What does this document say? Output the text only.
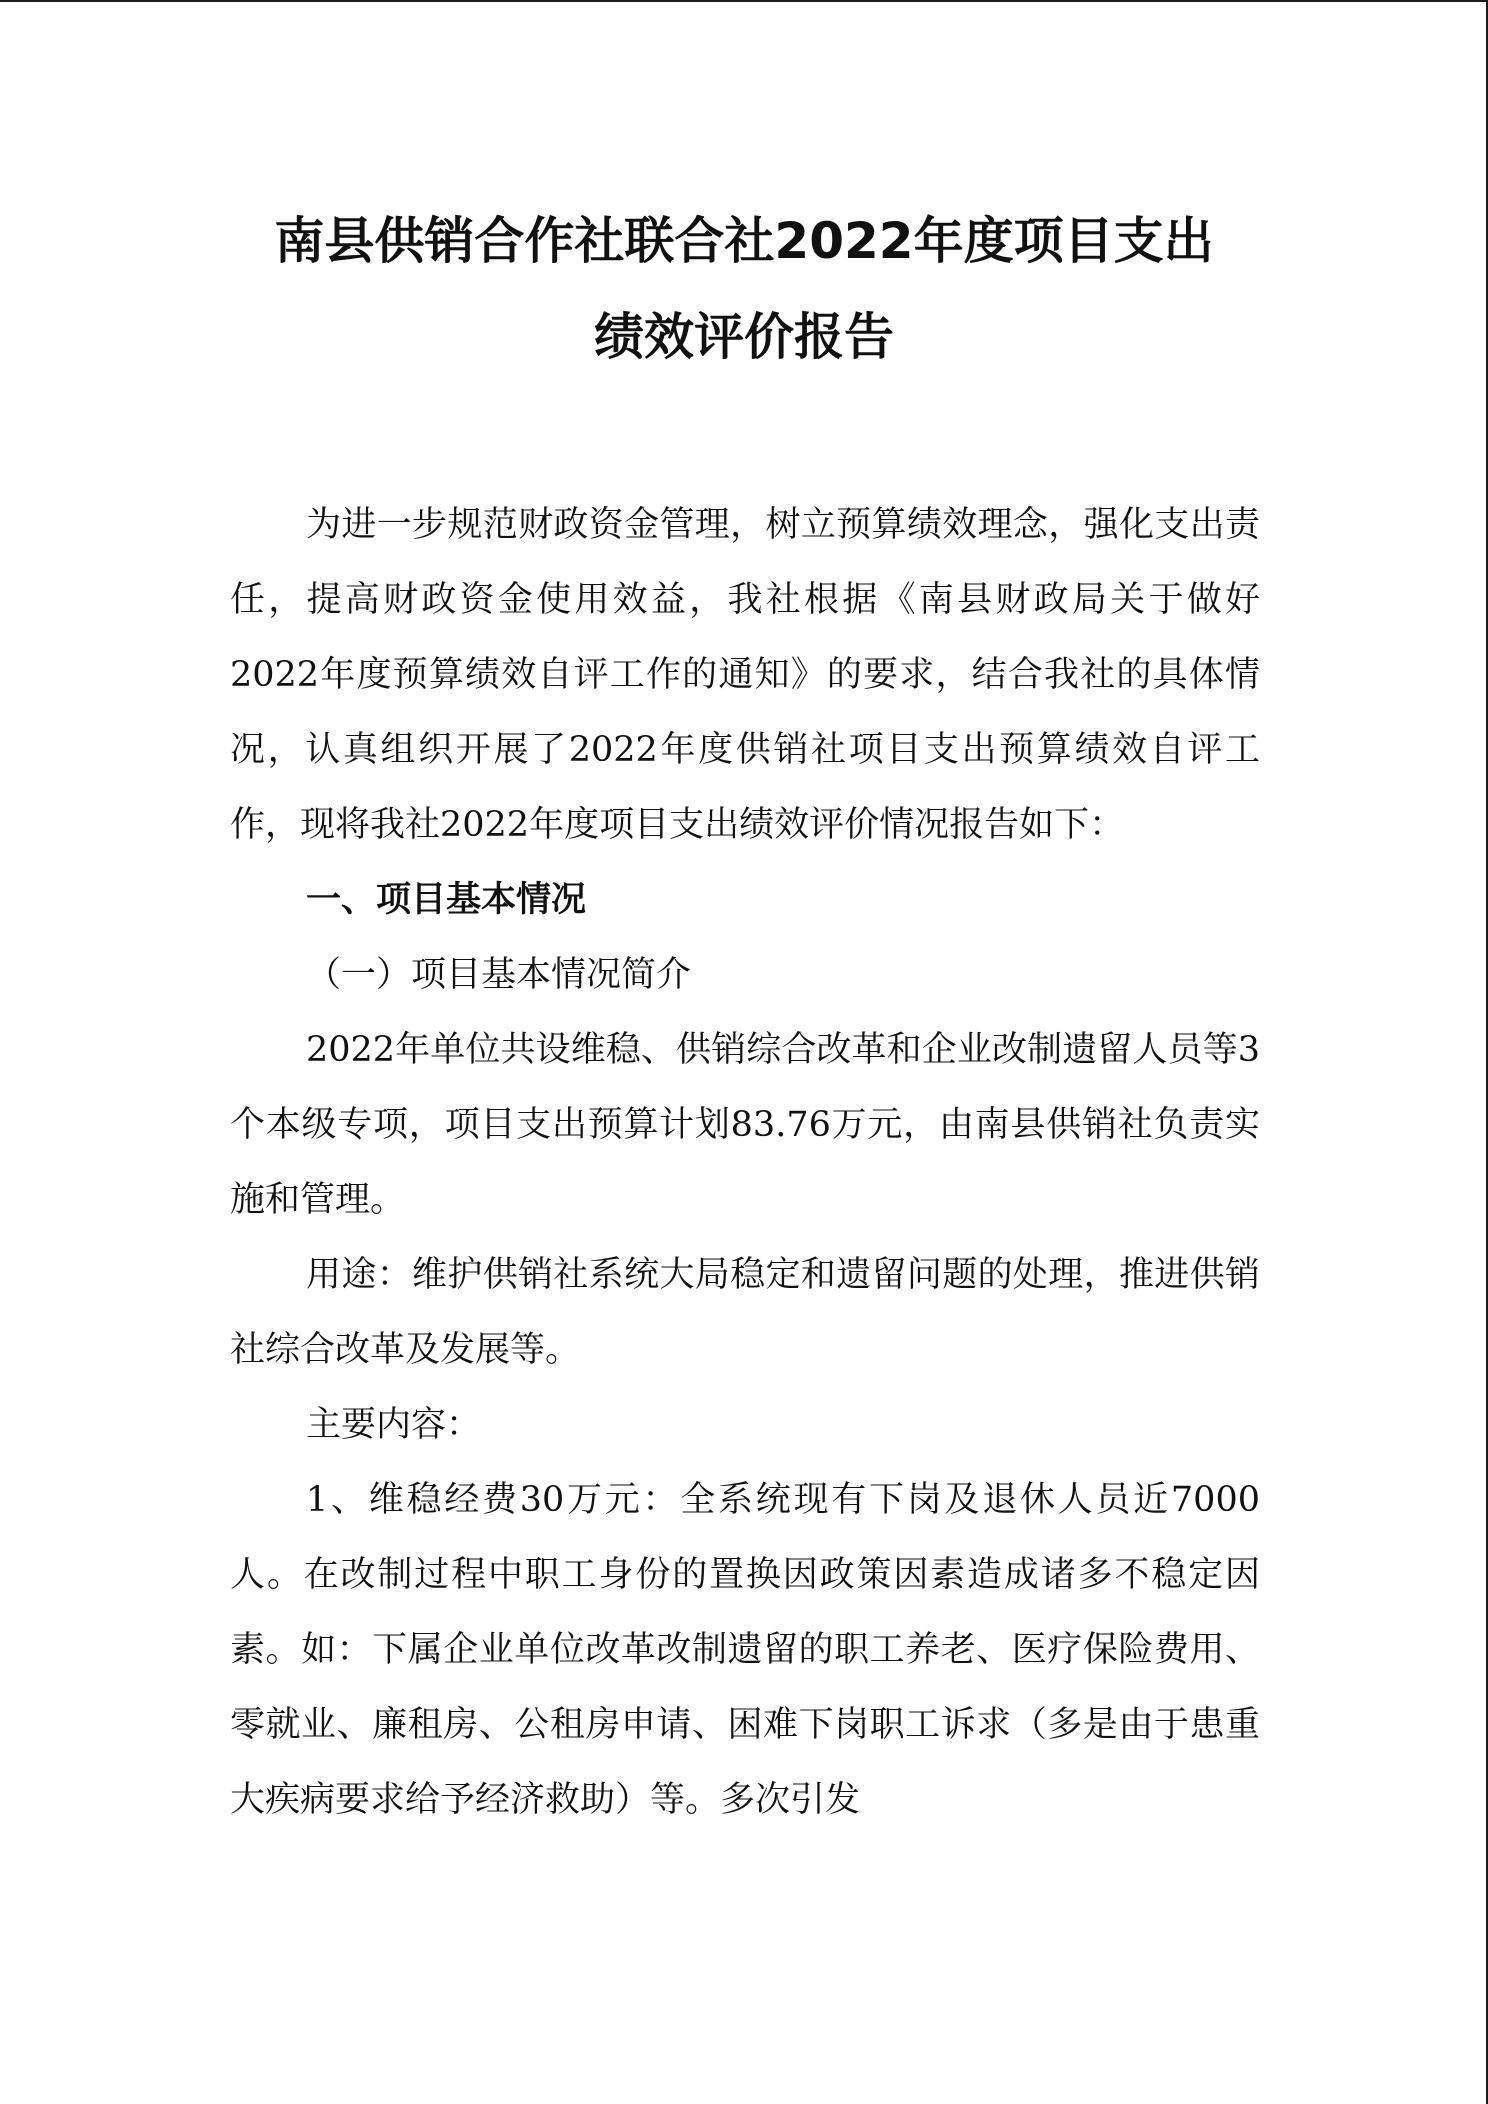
南县供销合作社联合社2022年度项目支出
绩效评价报告

为进一步规范财政资金管理，树立预算绩效理念，强化支出责任，提高财政资金使用效益，我社根据《南县财政局关于做好2022年度预算绩效自评工作的通知》的要求，结合我社的具体情况，认真组织开展了2022年度供销社项目支出预算绩效自评工作，现将我社2022年度项目支出绩效评价情况报告如下：

一、项目基本情况

（一）项目基本情况简介

2022年单位共设维稳、供销综合改革和企业改制遗留人员等3个本级专项，项目支出预算计划83.76万元，由南县供销社负责实施和管理。

用途：维护供销社系统大局稳定和遗留问题的处理，推进供销社综合改革及发展等。

主要内容：

1、维稳经费30万元：全系统现有下岗及退休人员近7000人。在改制过程中职工身份的置换因政策因素造成诸多不稳定因素。如：下属企业单位改革改制遗留的职工养老、医疗保险费用、零就业、廉租房、公租房申请、困难下岗职工诉求（多是由于患重大疾病要求给予经济救助）等。多次引发
